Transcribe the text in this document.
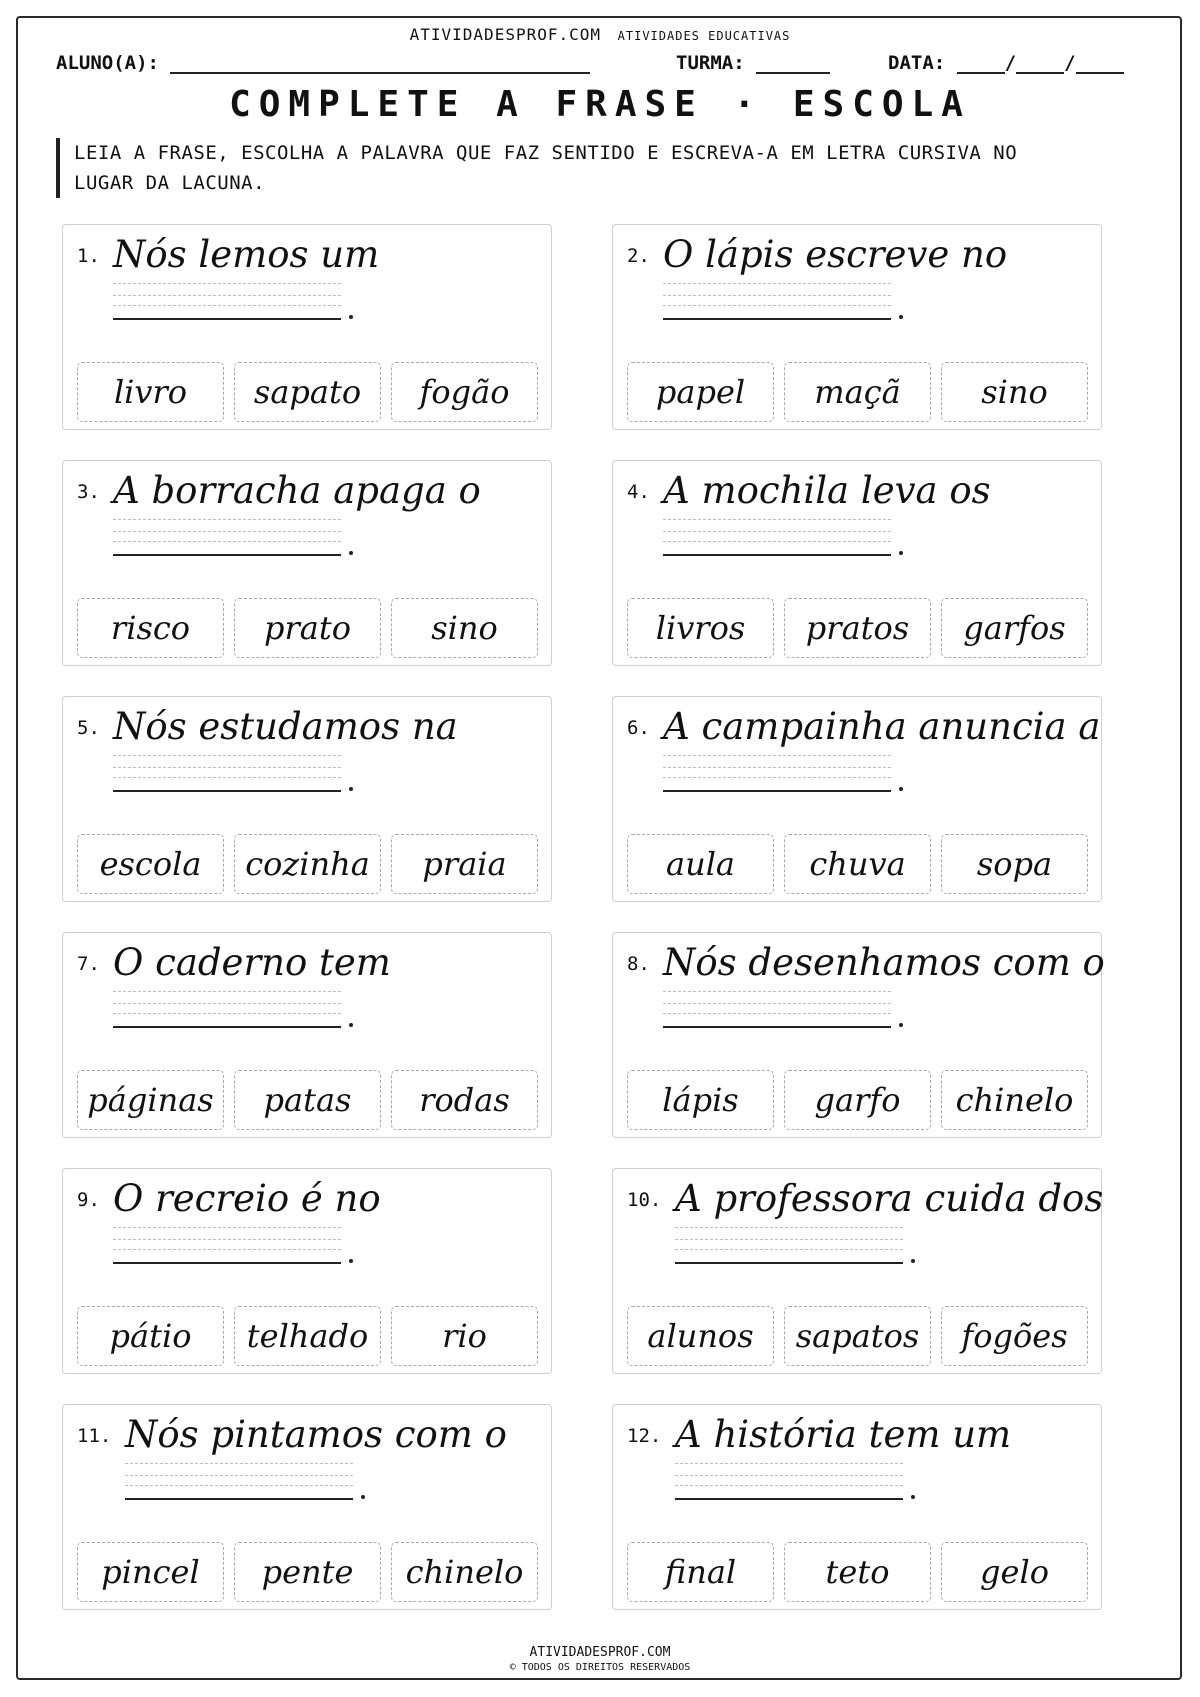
ATIVIDADESPROF.COM ATIVIDADES EDUCATIVAS
ALUNO(A):	TURMA:	DATA:	/	/
COMPLETE A FRASE · ESCOLA
LEIA A FRASE, ESCOLHA A PALAVRA QUE FAZ SENTIDO E ESCREVA-A EM LETRA CURSIVA NO LUGAR DA LACUNA.
1. Nós lemos um
livro	sapato	fogão
2. O lápis escreve no
papel	maçã	sino
3. A borracha apaga o
risco	prato	sino
4. A mochila leva os
livros	pratos	garfos
5. Nós estudamos na
escola	cozinha	praia
6. A campainha anuncia a
aula	chuva	sopa
7. O caderno tem
páginas	patas	rodas
8. Nós desenhamos com o
lápis	garfo	chinelo
9. O recreio é no
pátio	telhado	rio
10. A professora cuida dos
alunos	sapatos	fogões
11. Nós pintamos com o
pincel	pente	chinelo
12. A história tem um
final	teto	gelo
ATIVIDADESPROF.COM
© TODOS OS DIREITOS RESERVADOS
